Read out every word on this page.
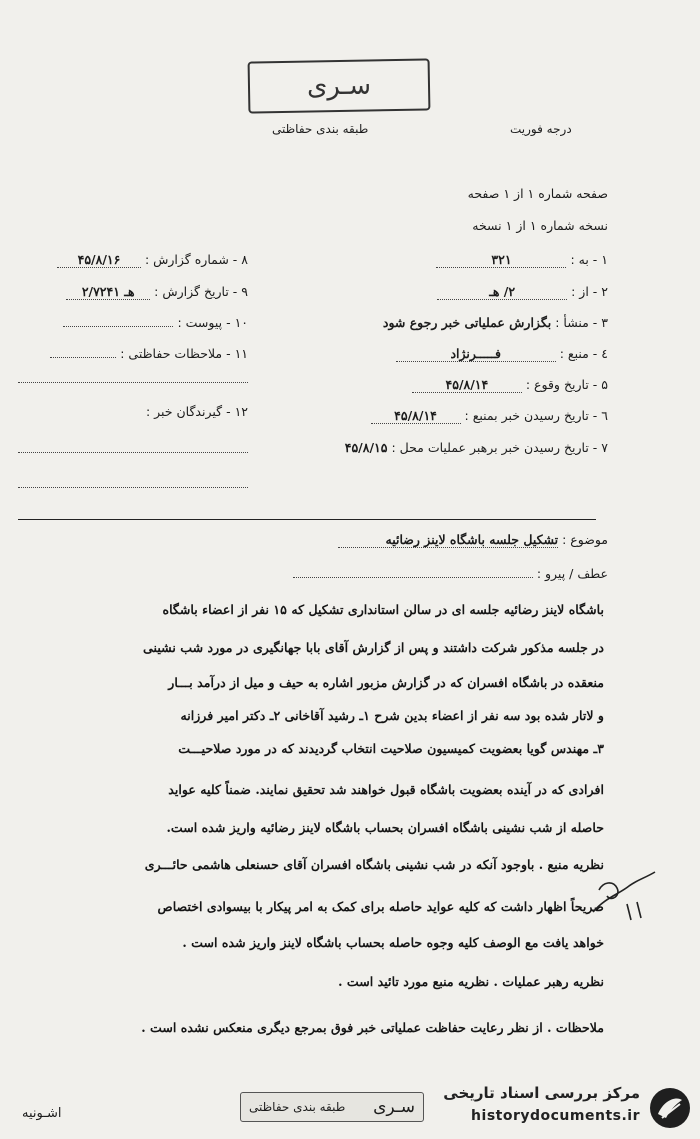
سـری
طبقه بندی حفاظتی	درجه فوریت
صفحه شماره ۱ از ۱ صفحه
نسخه شماره ۱ از ۱ نسخه
۱ - به : ۳۲۱
۲ - از : ۲/ هـ
۳ - منشأ : بگزارش عملیاتی خبر رجوع شود
٤ - منبع : فـــــرنژاد
۵ - تاریخ وقوع : ۴۵/۸/۱۴
٦ - تاریخ رسیدن خبر بمنبع : ۴۵/۸/۱۴
۷ - تاریخ رسیدن خبر برهبر عملیات محل : ۴۵/۸/۱۵
۸ - شماره گزارش : ۴۵/۸/۱۶
۹ - تاریخ گزارش : هـ ۲/۷۲۴۱
۱۰ - پیوست :
۱۱ - ملاحظات حفاظتی :
۱۲ - گیرندگان خبر :
موضوع : تشکیل جلسه باشگاه لاینز رضائیه
عطف / پیرو :
باشگاه لاینز رضائیه جلسه ای در سالن استانداری تشکیل که ۱۵ نفر از اعضاء باشگاه
در جلسه مذکور شرکت داشتند و پس از گزارش آقای بابا جهانگیری در مورد شب نشینی
منعقده در باشگاه افسران که در گزارش مزبور اشاره به حیف و میل از درآمد بـــار
و لاتار شده بود سه نفر از اعضاء بدین شرح ۱ـ رشید آقاخانی ۲ـ دکتر امیر فرزانه
۳ـ مهندس گویا بعضویت کمیسیون صلاحیت انتخاب گردیدند که در مورد صلاحیـــت
افرادی که در آینده بعضویت باشگاه قبول خواهند شد تحقیق نمایند. ضمناً کلیه عواید
حاصله از شب نشینی باشگاه افسران بحساب باشگاه لاینز رضائیه واریز شده است.
نظریه منبع . باوجود آنکه در شب نشینی باشگاه افسران آقای حسنعلی هاشمی حائـــری
صریحاً اظهار داشت که کلیه عواید حاصله برای کمک به امر پیکار با بیسوادی اختصاص
خواهد یافت مع الوصف کلیه وجوه حاصله بحساب باشگاه لاینز واریز شده است .
نظریه رهبر عملیات . نظریه منبع مورد تائید است .
ملاحظات . از نظر رعایت حفاظت عملیاتی خبر فوق بمرجع دیگری منعکس نشده است .
اشـونیه	طبقه بندی حفاظتی سـری
مرکز بررسی اسناد تاریخی
historydocuments.ir
